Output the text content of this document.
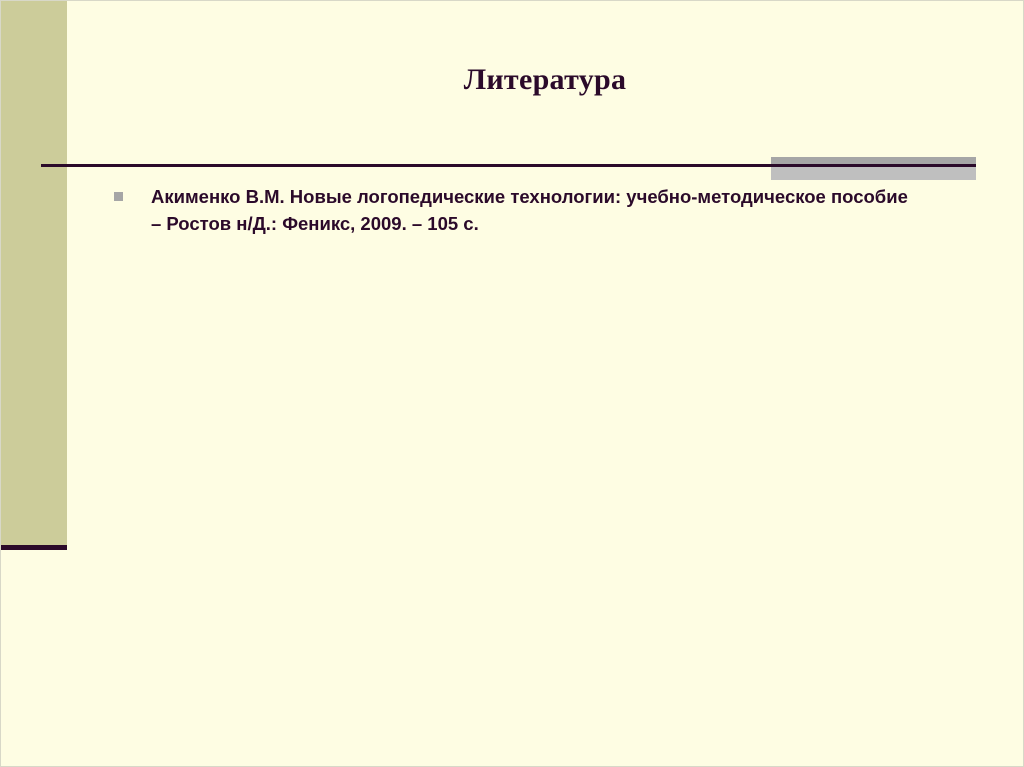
Литература
Акименко В.М. Новые логопедические технологии: учебно-методическое пособие – Ростов н/Д.: Феникс, 2009. – 105 с.
